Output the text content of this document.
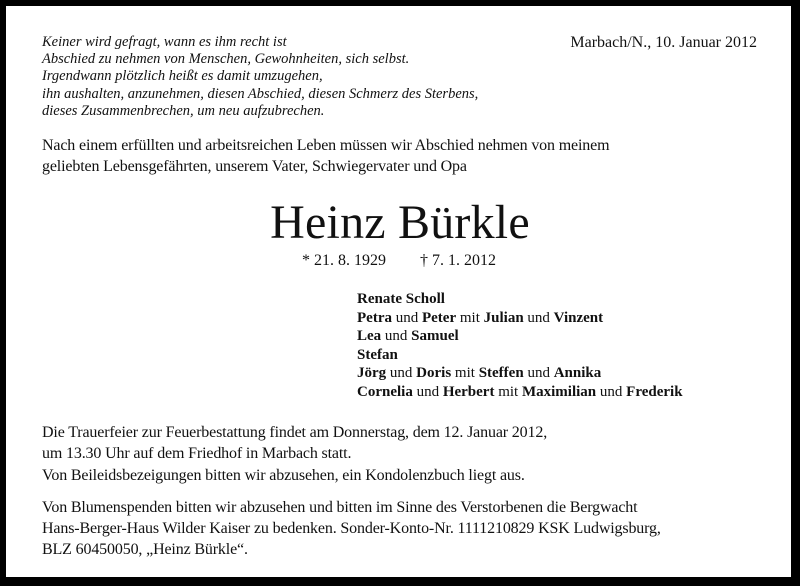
Keiner wird gefragt, wann es ihm recht ist
Abschied zu nehmen von Menschen, Gewohnheiten, sich selbst.
Irgendwann plötzlich heißt es damit umzugehen,
ihn aushalten, anzunehmen, diesen Abschied, diesen Schmerz des Sterbens,
dieses Zusammenbrechen, um neu aufzubrechen.
Marbach/N., 10. Januar 2012
Nach einem erfüllten und arbeitsreichen Leben müssen wir Abschied nehmen von meinem
geliebten Lebensgefährten, unserem Vater, Schwiegervater und Opa
Heinz Bürkle
* 21. 8. 1929 † 7. 1. 2012
Renate Scholl
Petra und Peter mit Julian und Vinzent
Lea und Samuel
Stefan
Jörg und Doris mit Steffen und Annika
Cornelia und Herbert mit Maximilian und Frederik
Die Trauerfeier zur Feuerbestattung findet am Donnerstag, dem 12. Januar 2012,
um 13.30 Uhr auf dem Friedhof in Marbach statt.
Von Beileidsbezeigungen bitten wir abzusehen, ein Kondolenzbuch liegt aus.
Von Blumenspenden bitten wir abzusehen und bitten im Sinne des Verstorbenen die Bergwacht
Hans-Berger-Haus Wilder Kaiser zu bedenken. Sonder-Konto-Nr. 1111210829 KSK Ludwigsburg,
BLZ 60450050, „Heinz Bürkle“.
